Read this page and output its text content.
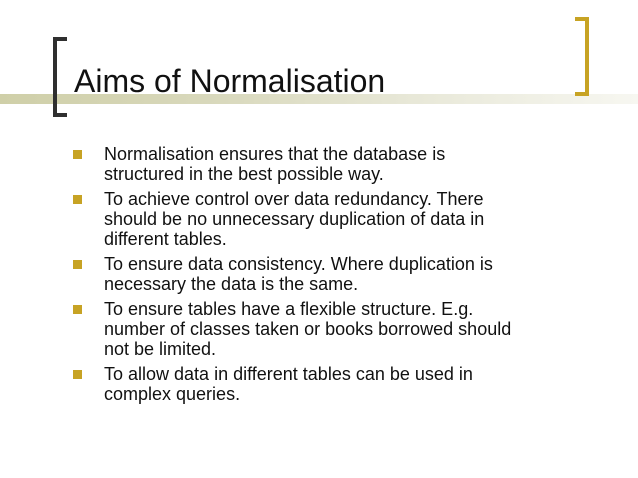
Aims of Normalisation
Normalisation ensures that the database is
structured in the best possible way.
To achieve control over data redundancy. There
should be no unnecessary duplication of data in
different tables.
To ensure data consistency. Where duplication is
necessary the data is the same.
To ensure tables have a flexible structure. E.g.
number of classes taken or books borrowed should
not be limited.
To allow data in different tables can be used in
complex queries.
